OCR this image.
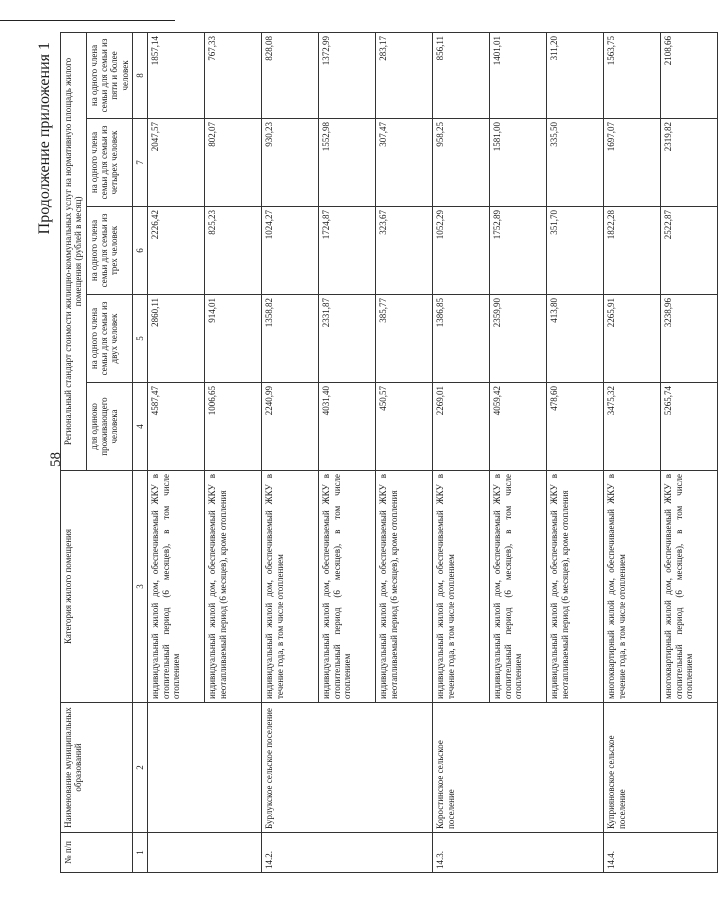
58
Продолжение приложения 1
№ п/п	Наименование муниципальных образований	Категория жилого помещения	Региональный стандарт стоимости жилищно-коммунальных услуг на нормативную площадь жилого помещения (рублей в месяц)				
			для одиноко проживающего человека	на одного члена семьи для семьи из двух человек	на одного члена семьи для семьи из трех человек	на одного члена семьи для семьи из четырех человек	на одного члена семьи для семьи из пяти и более человек
1	2	3	4	5	6	7	8
		индивидуальный жилой дом, обеспечиваемый ЖКУ в отопительный период (6 месяцев), в том числе отоплением	4587,47	2860,11	2226,42	2047,57	1857,14
		индивидуальный жилой дом, обеспечиваемый ЖКУ в неотапливаемый период (6 месяцев), кроме отопления	1006,65	914,01	825,23	802,07	767,33
14.2.	Бурлукское сельское поселение	индивидуальный жилой дом, обеспечиваемый ЖКУ в течение года, в том числе отоплением	2240,99	1358,82	1024,27	930,23	828,08
		индивидуальный жилой дом, обеспечиваемый ЖКУ в отопительный период (6 месяцев), в том числе отоплением	4031,40	2331,87	1724,87	1552,98	1372,99
		индивидуальный жилой дом, обеспечиваемый ЖКУ в неотапливаемый период (6 месяцев), кроме отопления	450,57	385,77	323,67	307,47	283,17
14.3.	Коростинское сельское поселение	индивидуальный жилой дом, обеспечиваемый ЖКУ в течение года, в том числе отоплением	2269,01	1386,85	1052,29	958,25	856,11
		индивидуальный жилой дом, обеспечиваемый ЖКУ в отопительный период (6 месяцев), в том числе отоплением	4059,42	2359,90	1752,89	1581,00	1401,01
		индивидуальный жилой дом, обеспечиваемый ЖКУ в неотапливаемый период (6 месяцев), кроме отопления	478,60	413,80	351,70	335,50	311,20
14.4.	Куприяновское сельское поселение	многоквартирный жилой дом, обеспечиваемый ЖКУ в течение года, в том числе отоплением	3475,32	2265,91	1822,28	1697,07	1563,75
		многоквартирный жилой дом, обеспечиваемый ЖКУ в отопительный период (6 месяцев), в том числе отоплением	5265,74	3238,96	2522,87	2319,82	2108,66
